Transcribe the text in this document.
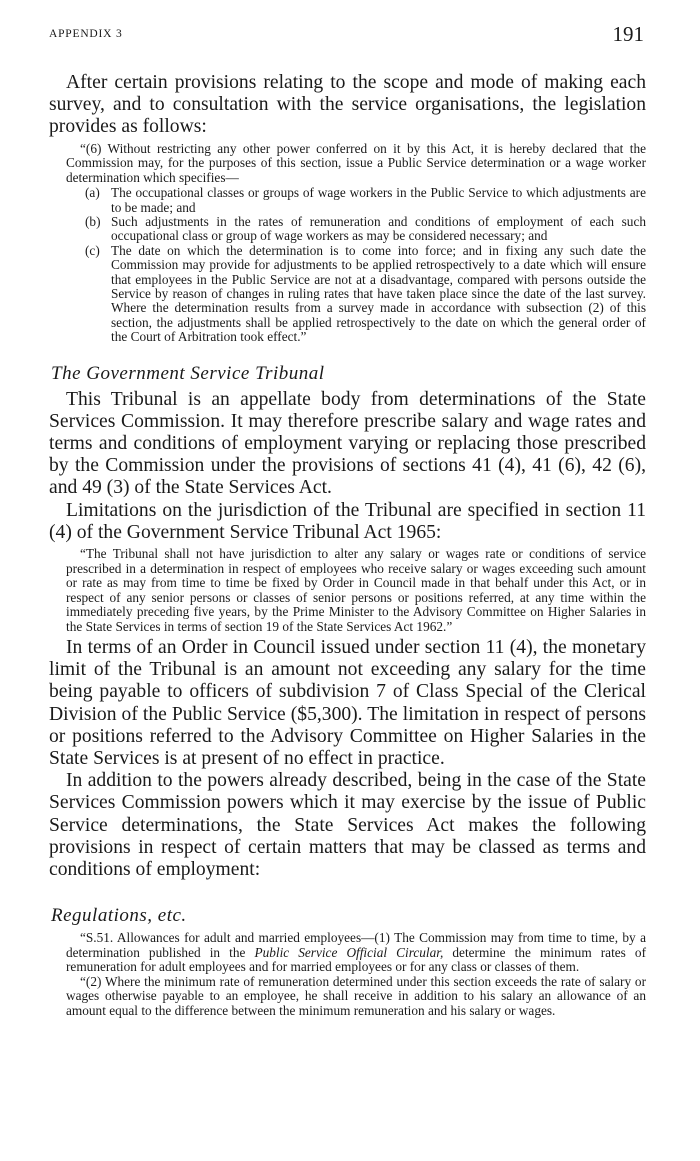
APPENDIX 3	191

After certain provisions relating to the scope and mode of making each survey, and to consultation with the service organisations, the legislation provides as follows:

“(6) Without restricting any other power conferred on it by this Act, it is hereby declared that the Commission may, for the purposes of this section, issue a Public Service determination or a wage worker determination which specifies—

(a) The occupational classes or groups of wage workers in the Public Service to which adjustments are to be made; and
(b) Such adjustments in the rates of remuneration and conditions of employment of each such occupational class or group of wage workers as may be considered necessary; and
(c) The date on which the determination is to come into force; and in fixing any such date the Commission may provide for adjustments to be applied retrospectively to a date which will ensure that employees in the Public Service are not at a disadvantage, compared with persons outside the Service by reason of changes in ruling rates that have taken place since the date of the last survey. Where the determination results from a survey made in accordance with subsection (2) of this section, the adjustments shall be applied retrospectively to the date on which the general order of the Court of Arbitration took effect.”
The Government Service Tribunal

This Tribunal is an appellate body from determinations of the State Services Commission. It may therefore prescribe salary and wage rates and terms and conditions of employment varying or replacing those prescribed by the Commission under the provisions of sections 41 (4), 41 (6), 42 (6), and 49 (3) of the State Services Act.

Limitations on the jurisdiction of the Tribunal are specified in section 11 (4) of the Government Service Tribunal Act 1965:

“The Tribunal shall not have jurisdiction to alter any salary or wages rate or conditions of service prescribed in a determination in respect of employees who receive salary or wages exceeding such amount or rate as may from time to time be fixed by Order in Council made in that behalf under this Act, or in respect of any senior persons or classes of senior persons or positions referred, at any time within the immediately preceding five years, by the Prime Minister to the Advisory Committee on Higher Salaries in the State Services in terms of section 19 of the State Services Act 1962.”

In terms of an Order in Council issued under section 11 (4), the monetary limit of the Tribunal is an amount not exceeding any salary for the time being payable to officers of subdivision 7 of Class Special of the Clerical Division of the Public Service ($5,300). The limitation in respect of persons or positions referred to the Advisory Committee on Higher Salaries in the State Services is at present of no effect in practice.

In addition to the powers already described, being in the case of the State Services Commission powers which it may exercise by the issue of Public Service determinations, the State Services Act makes the following provisions in respect of certain matters that may be classed as terms and conditions of employment:

Regulations, etc.

“S.51. Allowances for adult and married employees—(1) The Commission may from time to time, by a determination published in the Public Service Official Circular, determine the minimum rates of remuneration for adult employees and for married employees or for any class or classes of them.

“(2) Where the minimum rate of remuneration determined under this section exceeds the rate of salary or wages otherwise payable to an employee, he shall receive in addition to his salary an allowance of an amount equal to the difference between the minimum remuneration and his salary or wages.
